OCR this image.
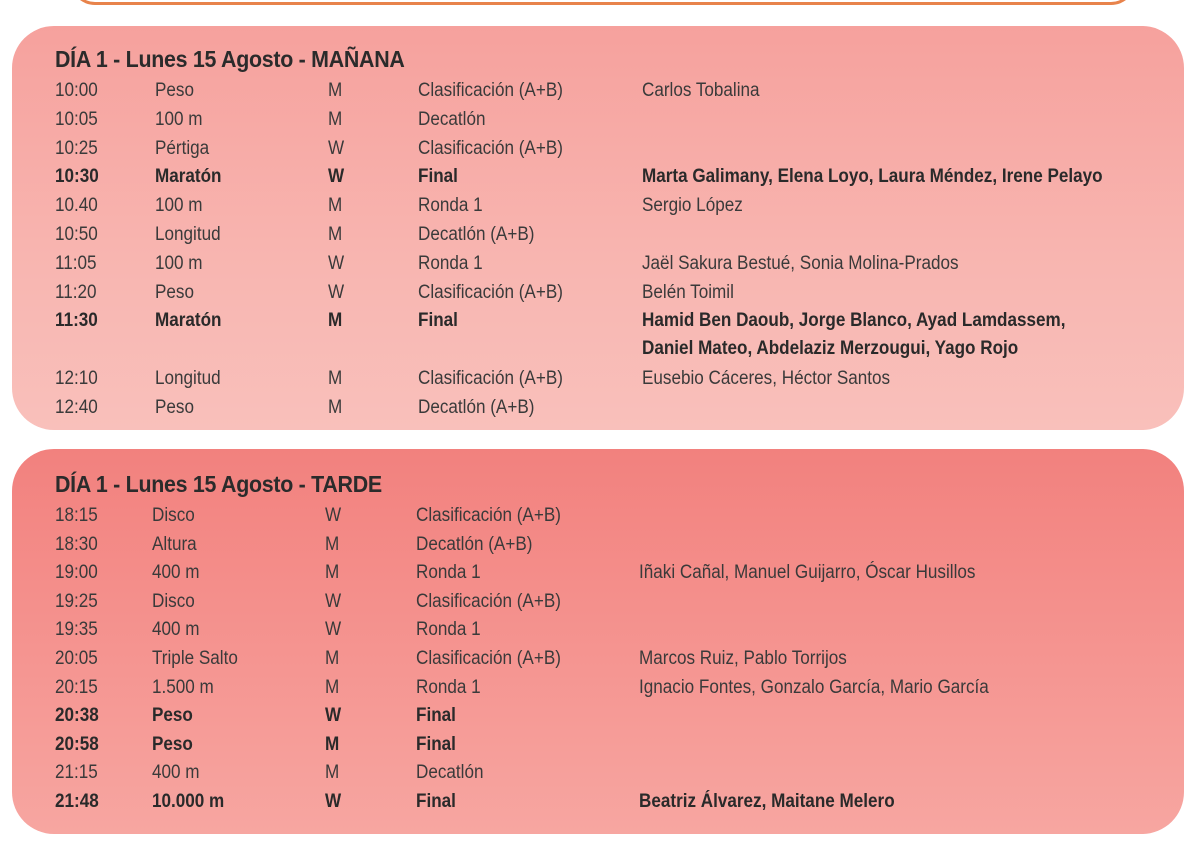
DÍA 1 - Lunes 15 Agosto - MAÑANA
10:00	Peso	M	Clasificación (A+B)	Carlos Tobalina
10:05	100 m	M	Decatlón
10:25	Pértiga	W	Clasificación (A+B)
10:30	Maratón	W	Final	Marta Galimany, Elena Loyo, Laura Méndez, Irene Pelayo
10.40	100 m	M	Ronda 1	Sergio López
10:50	Longitud	M	Decatlón (A+B)
11:05	100 m	W	Ronda 1	Jaël Sakura Bestué, Sonia Molina-Prados
11:20	Peso	W	Clasificación (A+B)	Belén Toimil
11:30	Maratón	M	Final	Hamid Ben Daoub, Jorge Blanco, Ayad Lamdassem,
Daniel Mateo, Abdelaziz Merzougui, Yago Rojo
12:10	Longitud	M	Clasificación (A+B)	Eusebio Cáceres, Héctor Santos
12:40	Peso	M	Decatlón (A+B)
DÍA 1 - Lunes 15 Agosto - TARDE
18:15	Disco	W	Clasificación (A+B)
18:30	Altura	M	Decatlón (A+B)
19:00	400 m	M	Ronda 1	Iñaki Cañal, Manuel Guijarro, Óscar Husillos
19:25	Disco	W	Clasificación (A+B)
19:35	400 m	W	Ronda 1
20:05	Triple Salto	M	Clasificación (A+B)	Marcos Ruiz, Pablo Torrijos
20:15	1.500 m	M	Ronda 1	Ignacio Fontes, Gonzalo García, Mario García
20:38	Peso	W	Final
20:58	Peso	M	Final
21:15	400 m	M	Decatlón
21:48	10.000 m	W	Final	Beatriz Álvarez, Maitane Melero
